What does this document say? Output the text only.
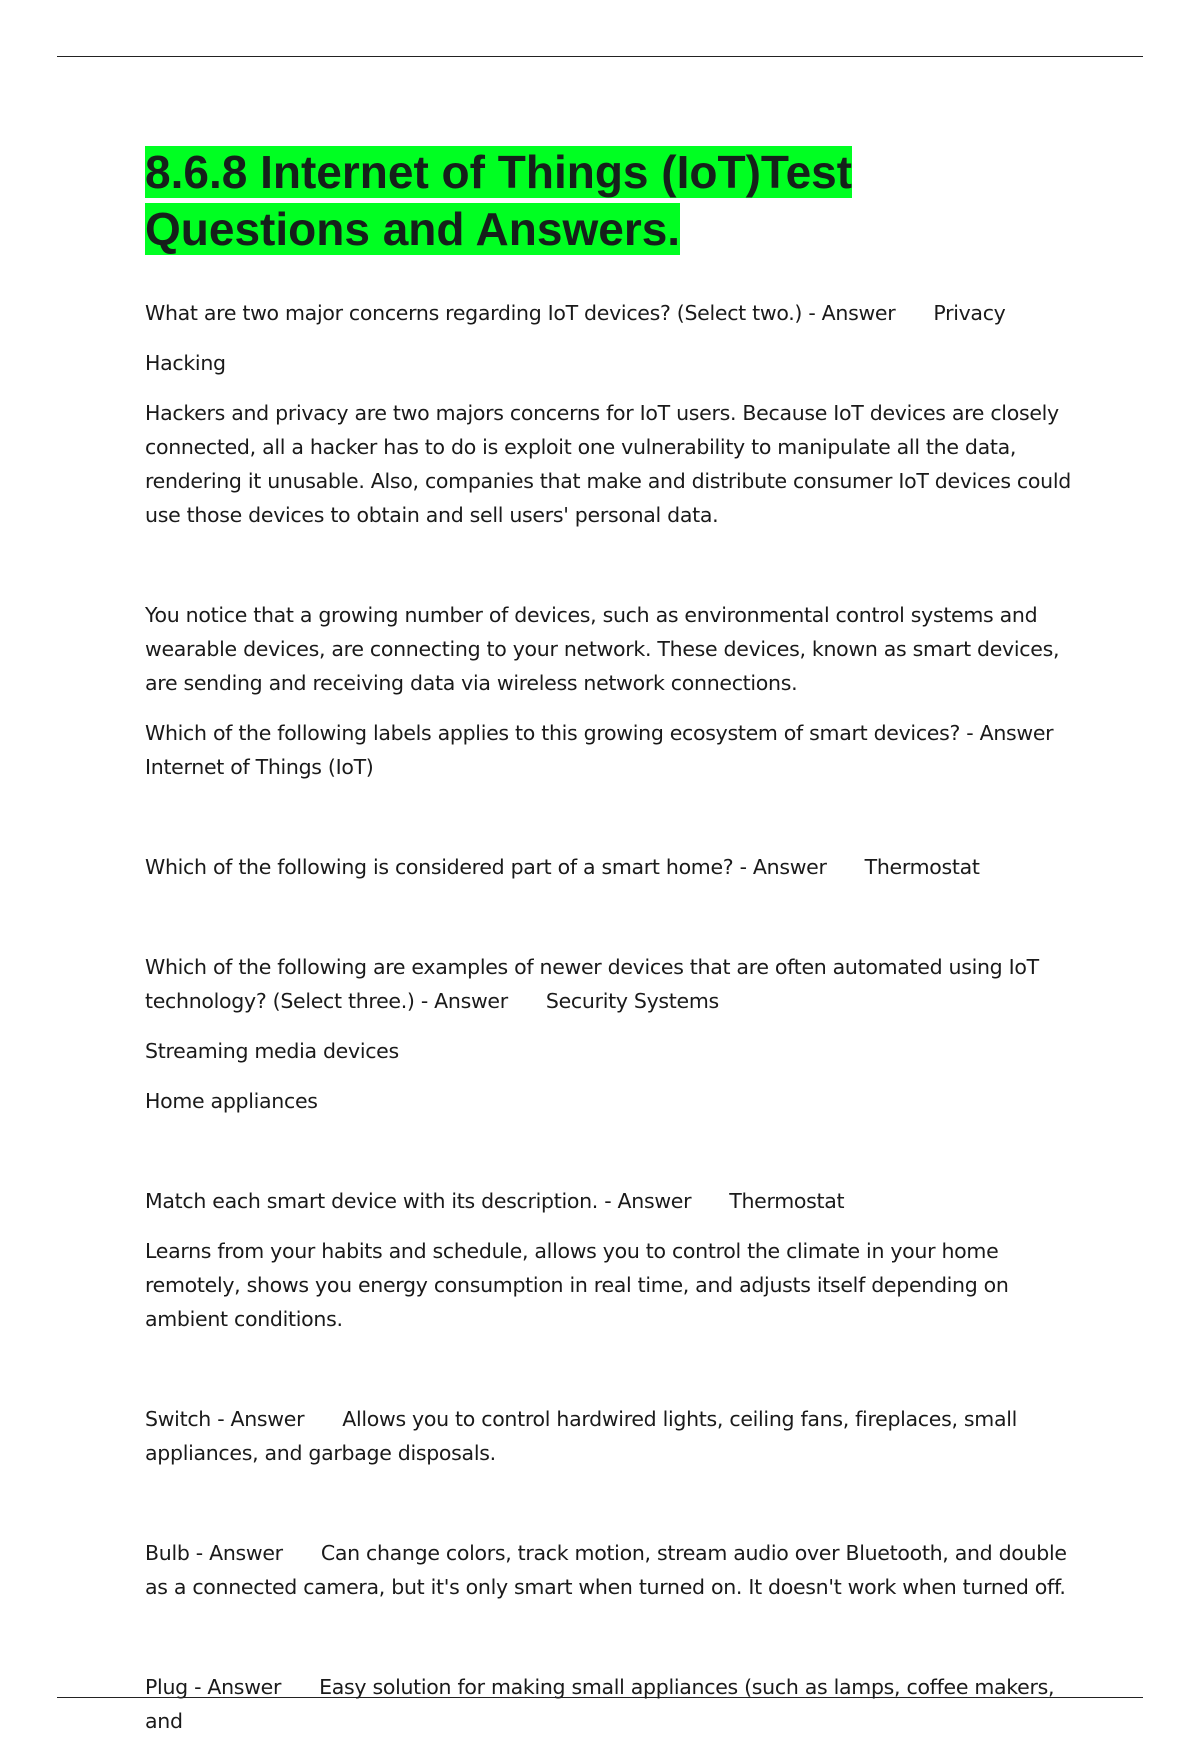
8.6.8 Internet of Things (IoT)Test Questions and Answers.

What are two major concerns regarding IoT devices? (Select two.) - Answer Privacy

Hacking

Hackers and privacy are two majors concerns for IoT users. Because IoT devices are closely connected, all a hacker has to do is exploit one vulnerability to manipulate all the data, rendering it unusable. Also, companies that make and distribute consumer IoT devices could use those devices to obtain and sell users' personal data.

You notice that a growing number of devices, such as environmental control systems and wearable devices, are connecting to your network. These devices, known as smart devices, are sending and receiving data via wireless network connections.

Which of the following labels applies to this growing ecosystem of smart devices? - Answer Internet of Things (IoT)

Which of the following is considered part of a smart home? - Answer Thermostat

Which of the following are examples of newer devices that are often automated using IoT technology? (Select three.) - Answer Security Systems

Streaming media devices

Home appliances

Match each smart device with its description. - Answer Thermostat

Learns from your habits and schedule, allows you to control the climate in your home remotely, shows you energy consumption in real time, and adjusts itself depending on ambient conditions.

Switch - Answer Allows you to control hardwired lights, ceiling fans, fireplaces, small appliances, and garbage disposals.

Bulb - Answer Can change colors, track motion, stream audio over Bluetooth, and double as a connected camera, but it's only smart when turned on. It doesn't work when turned off.

Plug - Answer Easy solution for making small appliances (such as lamps, coffee makers, and
